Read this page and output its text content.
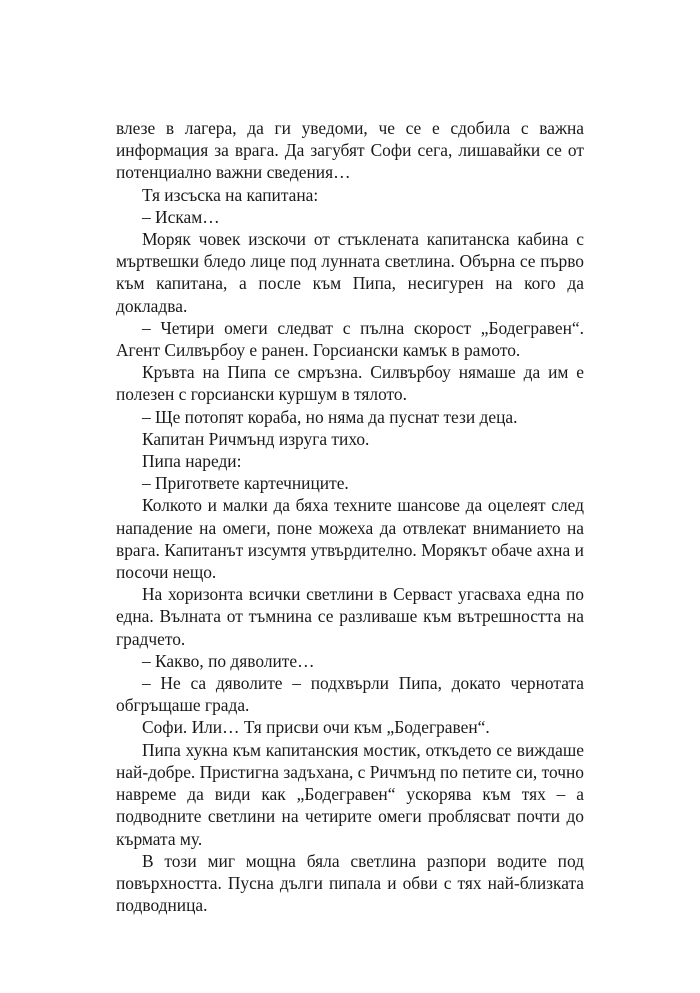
влезе в лагера, да ги уведоми, че се е сдобила с важна информация за врага. Да загубят Софи сега, лишавайки се от потенциално важни сведения…

Тя изсъска на капитана:

– Искам…

Моряк човек изскочи от стъклената капитанска кабина с мъртвешки бледо лице под лунната светлина. Обърна се първо към капитана, а после към Пипа, несигурен на кого да докладва.

– Четири омеги следват с пълна скорост „Бодегравен“. Агент Силвърбоу е ранен. Горсиански камък в рамото.

Кръвта на Пипа се смръзна. Силвърбоу нямаше да им е полезен с горсиански куршум в тялото.

– Ще потопят кораба, но няма да пуснат тези деца.

Капитан Ричмънд изруга тихо.

Пипа нареди:

– Пригответе картечниците.

Колкото и малки да бяха техните шансове да оцелеят след нападение на омеги, поне можеха да отвлекат вниманието на врага. Капитанът изсумтя утвърдително. Морякът обаче ахна и посочи нещо.

На хоризонта всички светлини в Серваст угасваха една по една. Вълната от тъмнина се разливаше към вътрешността на градчето.

– Какво, по дяволите…

– Не са дяволите – подхвърли Пипа, докато чернотата обгръщаше града.

Софи. Или… Тя присви очи към „Бодегравен“.

Пипа хукна към капитанския мостик, откъдето се виждаше най-добре. Пристигна задъхана, с Ричмънд по петите си, точно навреме да види как „Бодегравен“ ускорява към тях – а подводните светлини на четирите омеги проблясват почти до кърмата му.

В този миг мощна бяла светлина разпори водите под повърхността. Пусна дълги пипала и обви с тях най-близката подводница.
